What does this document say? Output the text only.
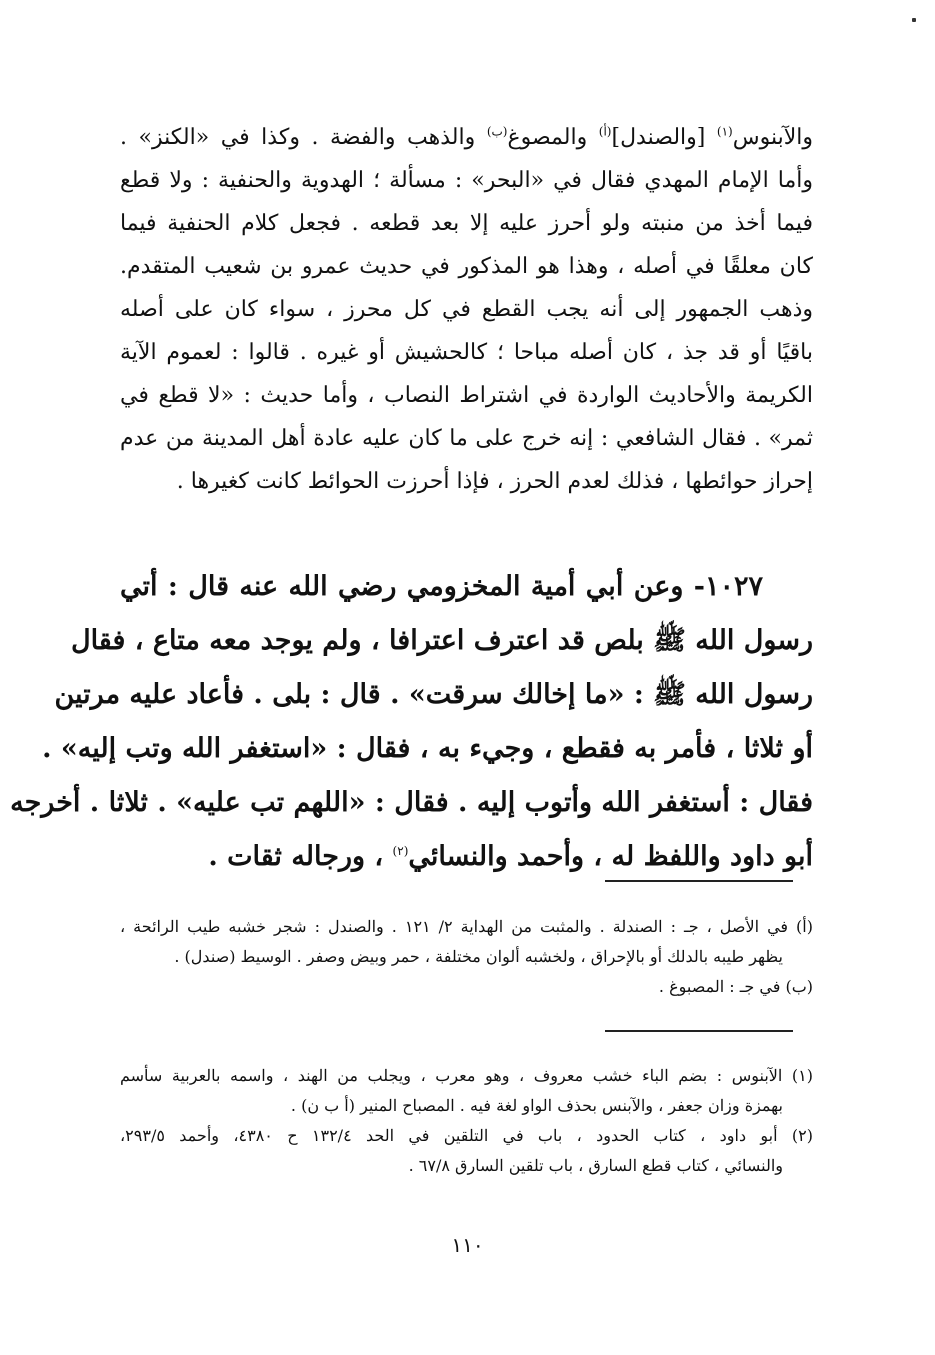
والآبنوس$^{(١)}$ [والصندل]$^{(أ)}$ والمصوغ$^{(ب)}$ والذهب والفضة . وكذا في «الكنز» .
وأما الإمام المهدي فقال في «البحر» : مسألة ؛ الهدوية والحنفية : ولا قطع
فيما أخذ من منبته ولو أحرز عليه إلا بعد قطعه . فجعل كلام الحنفية فيما
كان معلقًا في أصله ، وهذا هو المذكور في حديث عمرو بن شعيب المتقدم.
وذهب الجمهور إلى أنه يجب القطع في كل محرز ، سواء كان على أصله
باقيًا أو قد جذ ، كان أصله مباحا ؛ كالحشيش أو غيره . قالوا : لعموم الآية
الكريمة والأحاديث الواردة في اشتراط النصاب ، وأما حديث : «لا قطع في
ثمر» . فقال الشافعي : إنه خرج على ما كان عليه عادة أهل المدينة من عدم
إحراز حوائطها ، فذلك لعدم الحرز ، فإذا أحرزت الحوائط كانت كغيرها .
١٠٢٧- وعن أبي أمية المخزومي رضي الله عنه قال : أتي
رسول الله ﷺ بلص قد اعترف اعترافا ، ولم يوجد معه متاع ، فقال
رسول الله ﷺ : «ما إخالك سرقت» . قال : بلى . فأعاد عليه مرتين
أو ثلاثا ، فأمر به فقطع ، وجيء به ، فقال : «استغفر الله وتب إليه» .
فقال : أستغفر الله وأتوب إليه . فقال : «اللهم تب عليه» . ثلاثا . أخرجه
أبو داود واللفظ له ، وأحمد والنسائي$^{(٢)}$ ، ورجاله ثقات .
(أ) في الأصل ، جـ : الصندلة . والمثبت من الهداية ٢/ ١٢١ . والصندل : شجر خشبه طيب الرائحة ،
يظهر طيبه بالدلك أو بالإحراق ، ولخشبه ألوان مختلفة ، حمر وبيض وصفر . الوسيط (صندل) .
(ب) في جـ : المصبوغ .
(١) الآبنوس : بضم الباء خشب معروف ، وهو معرب ، ويجلب من الهند ، واسمه بالعربية سأسم
بهمزة وزان جعفر ، والآبنس بحذف الواو لغة فيه . المصباح المنير (أ ب ن) .
(٢) أبو داود ، كتاب الحدود ، باب في التلقين في الحد ١٣٢/٤ ح ٤٣٨٠، وأحمد ٢٩٣/٥،
والنسائي ، كتاب قطع السارق ، باب تلقين السارق ٦٧/٨ .
١١٠
